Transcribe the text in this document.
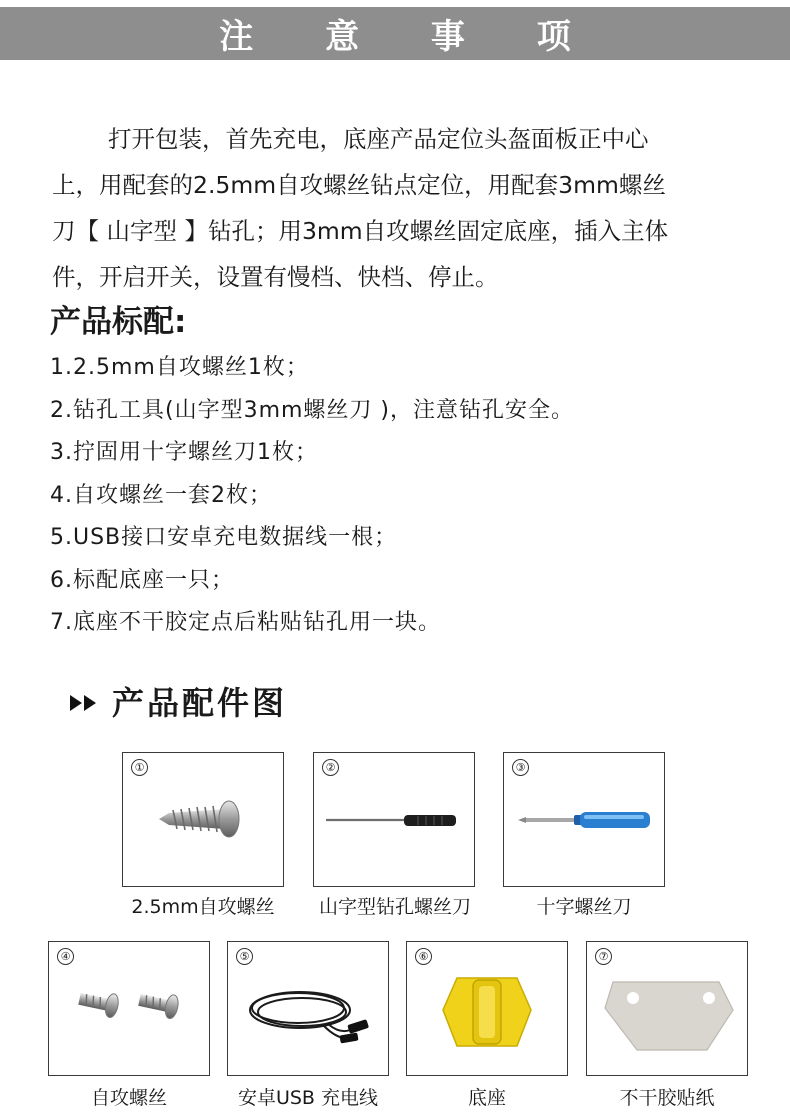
注 意 事 项

打开包装，首先充电，底座产品定位头盔面板正中心
上，用配套的2.5mm自攻螺丝钻点定位，用配套3mm螺丝
刀【 山字型 】钻孔；用3mm自攻螺丝固定底座，插入主体
件，开启开关，设置有慢档、快档、停止。

产品标配:
1.2.5mm自攻螺丝1枚；
2.钻孔工具(山字型3mm螺丝刀 )，注意钻孔安全。
3.拧固用十字螺丝刀1枚；
4.自攻螺丝一套2枚；
5.USB接口安卓充电数据线一根；
6.标配底座一只；
7.底座不干胶定点后粘贴钻孔用一块。
产品配件图
①
2.5mm自攻螺丝
②
山字型钻孔螺丝刀
③
十字螺丝刀
④
自攻螺丝
⑤
安卓USB 充电线
⑥
底座
⑦
不干胶贴纸
